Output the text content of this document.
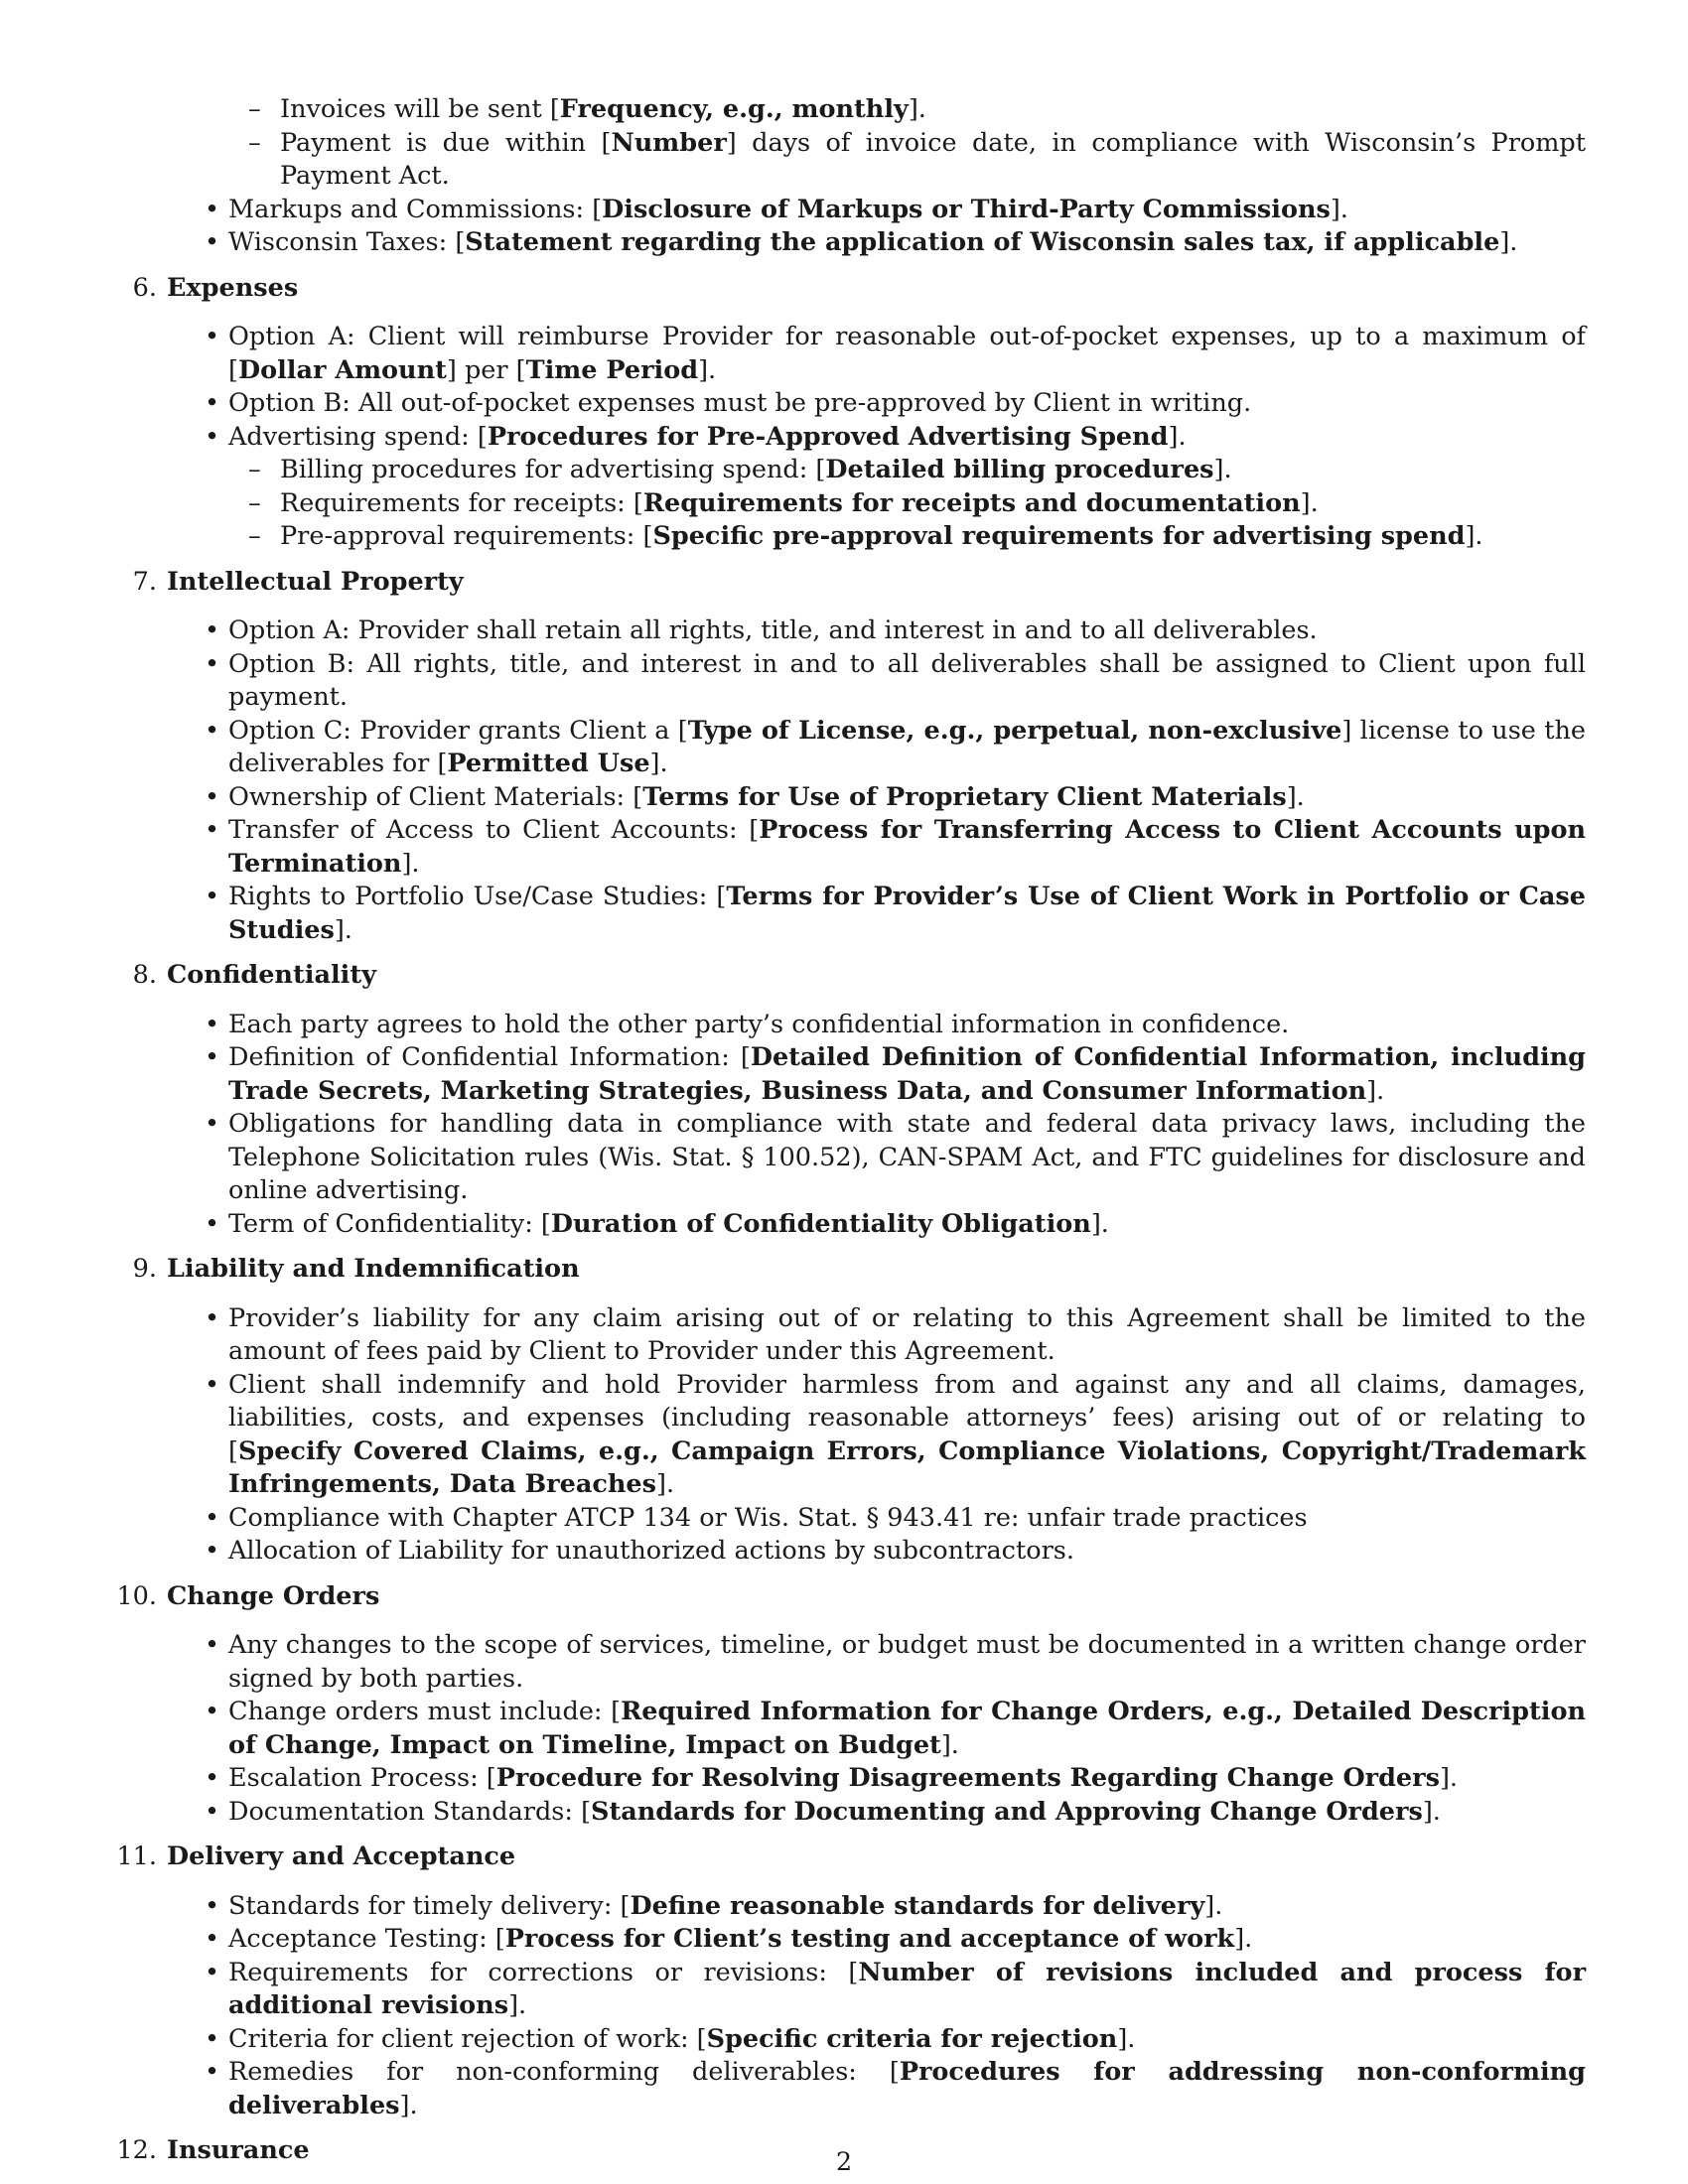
– Invoices will be sent [Frequency, e.g., monthly].
– Payment is due within [Number] days of invoice date, in compliance with Wisconsin’s Prompt Payment Act.
• Markups and Commissions: [Disclosure of Markups or Third-Party Commissions].
• Wisconsin Taxes: [Statement regarding the application of Wisconsin sales tax, if applicable].
6. Expenses
• Option A: Client will reimburse Provider for reasonable out-of-pocket expenses, up to a maximum of [Dollar Amount] per [Time Period].
• Option B: All out-of-pocket expenses must be pre-approved by Client in writing.
• Advertising spend: [Procedures for Pre-Approved Advertising Spend].
– Billing procedures for advertising spend: [Detailed billing procedures].
– Requirements for receipts: [Requirements for receipts and documentation].
– Pre-approval requirements: [Specific pre-approval requirements for advertising spend].
7. Intellectual Property
• Option A: Provider shall retain all rights, title, and interest in and to all deliverables.
• Option B: All rights, title, and interest in and to all deliverables shall be assigned to Client upon full payment.
• Option C: Provider grants Client a [Type of License, e.g., perpetual, non-exclusive] license to use the deliverables for [Permitted Use].
• Ownership of Client Materials: [Terms for Use of Proprietary Client Materials].
• Transfer of Access to Client Accounts: [Process for Transferring Access to Client Accounts upon Termination].
• Rights to Portfolio Use/Case Studies: [Terms for Provider’s Use of Client Work in Portfolio or Case Studies].
8. Confidentiality
• Each party agrees to hold the other party’s confidential information in confidence.
• Definition of Confidential Information: [Detailed Definition of Confidential Information, including Trade Secrets, Marketing Strategies, Business Data, and Consumer Information].
• Obligations for handling data in compliance with state and federal data privacy laws, including the Telephone Solicitation rules (Wis. Stat. § 100.52), CAN-SPAM Act, and FTC guidelines for disclosure and online advertising.
• Term of Confidentiality: [Duration of Confidentiality Obligation].
9. Liability and Indemnification
• Provider’s liability for any claim arising out of or relating to this Agreement shall be limited to the amount of fees paid by Client to Provider under this Agreement.
• Client shall indemnify and hold Provider harmless from and against any and all claims, damages, liabilities, costs, and expenses (including reasonable attorneys’ fees) arising out of or relating to [Specify Covered Claims, e.g., Campaign Errors, Compliance Violations, Copyright/Trademark Infringements, Data Breaches].
• Compliance with Chapter ATCP 134 or Wis. Stat. § 943.41 re: unfair trade practices
• Allocation of Liability for unauthorized actions by subcontractors.
10. Change Orders
• Any changes to the scope of services, timeline, or budget must be documented in a written change order signed by both parties.
• Change orders must include: [Required Information for Change Orders, e.g., Detailed Description of Change, Impact on Timeline, Impact on Budget].
• Escalation Process: [Procedure for Resolving Disagreements Regarding Change Orders].
• Documentation Standards: [Standards for Documenting and Approving Change Orders].
11. Delivery and Acceptance
• Standards for timely delivery: [Define reasonable standards for delivery].
• Acceptance Testing: [Process for Client’s testing and acceptance of work].
• Requirements for corrections or revisions: [Number of revisions included and process for additional revisions].
• Criteria for client rejection of work: [Specific criteria for rejection].
• Remedies for non-conforming deliverables: [Procedures for addressing non-conforming deliverables].
12. Insurance	2
